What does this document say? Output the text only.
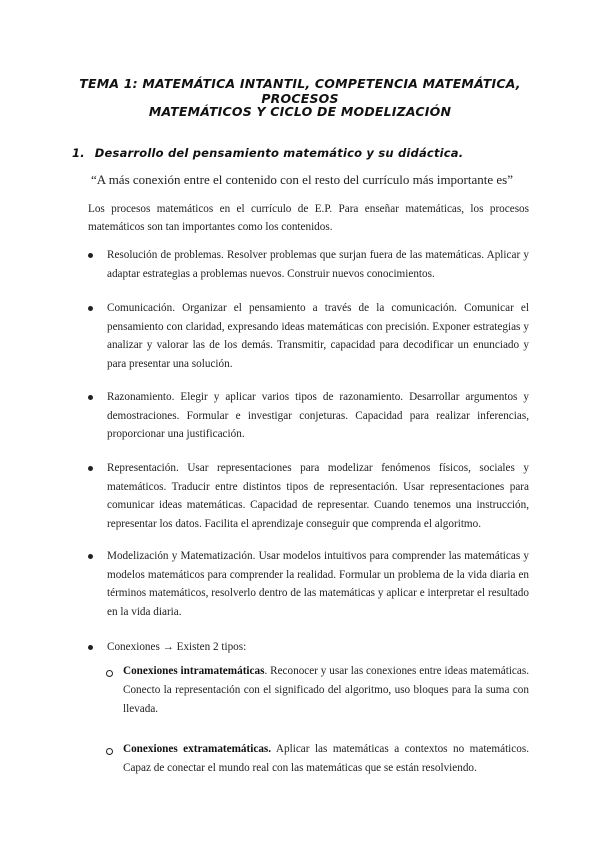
TEMA 1: MATEMÁTICA INTANTIL, COMPETENCIA MATEMÁTICA, PROCESOS
MATEMÁTICOS Y CICLO DE MODELIZACIÓN
1. Desarrollo del pensamiento matemático y su didáctica.
“A más conexión entre el contenido con el resto del currículo más importante es”
Los procesos matemáticos en el currículo de E.P. Para enseñar matemáticas, los procesos matemáticos son tan importantes como los contenidos.
Resolución de problemas. Resolver problemas que surjan fuera de las matemáticas. Aplicar y adaptar estrategias a problemas nuevos. Construir nuevos conocimientos.
Comunicación. Organizar el pensamiento a través de la comunicación. Comunicar el pensamiento con claridad, expresando ideas matemáticas con precisión. Exponer estrategias y analizar y valorar las de los demás. Transmitir, capacidad para decodificar un enunciado y para presentar una solución.
Razonamiento. Elegir y aplicar varios tipos de razonamiento. Desarrollar argumentos y demostraciones. Formular e investigar conjeturas. Capacidad para realizar inferencias, proporcionar una justificación.
Representación. Usar representaciones para modelizar fenómenos físicos, sociales y matemáticos. Traducir entre distintos tipos de representación. Usar representaciones para comunicar ideas matemáticas. Capacidad de representar. Cuando tenemos una instrucción, representar los datos. Facilita el aprendizaje conseguir que comprenda el algoritmo.
Modelización y Matematización. Usar modelos intuitivos para comprender las matemáticas y modelos matemáticos para comprender la realidad. Formular un problema de la vida diaria en términos matemáticos, resolverlo dentro de las matemáticas y aplicar e interpretar el resultado en la vida diaria.
Conexiones → Existen 2 tipos:
Conexiones intramatemáticas. Reconocer y usar las conexiones entre ideas matemáticas. Conecto la representación con el significado del algoritmo, uso bloques para la suma con llevada.
Conexiones extramatemáticas. Aplicar las matemáticas a contextos no matemáticos. Capaz de conectar el mundo real con las matemáticas que se están resolviendo.
